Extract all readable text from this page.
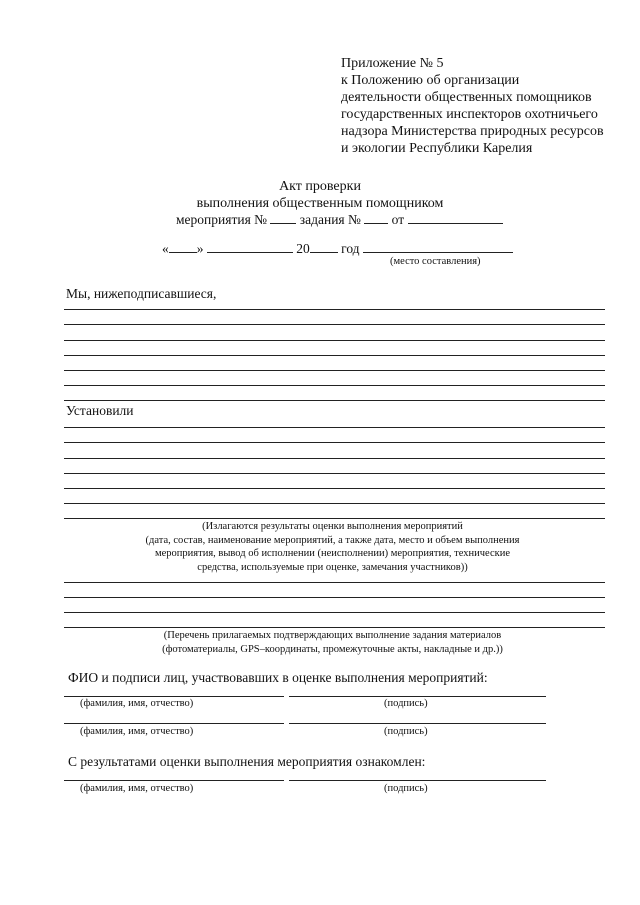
Приложение № 5
к Положению об организации
деятельности общественных помощников
государственных инспекторов охотничьего
надзора Министерства природных ресурсов
и экологии Республики Карелия
Акт проверки
выполнения общественным помощником
мероприятия № задания № от
« »	20 год
(место составления)
Мы, нижеподписавшиеся,
Установили
(Излагаются результаты оценки выполнения мероприятий
(дата, состав, наименование мероприятий, а также дата, место и объем выполнения
мероприятия, вывод об исполнении (неисполнении) мероприятия, технические
средства, используемые при оценке, замечания участников))
(Перечень прилагаемых подтверждающих выполнение задания материалов
(фотоматериалы, GPS–координаты, промежуточные акты, накладные и др.))
ФИО и подписи лиц, участвовавших в оценке выполнения мероприятий:
(фамилия, имя, отчество)	(подпись)
(фамилия, имя, отчество)	(подпись)
С результатами оценки выполнения мероприятия ознакомлен:
(фамилия, имя, отчество)	(подпись)
